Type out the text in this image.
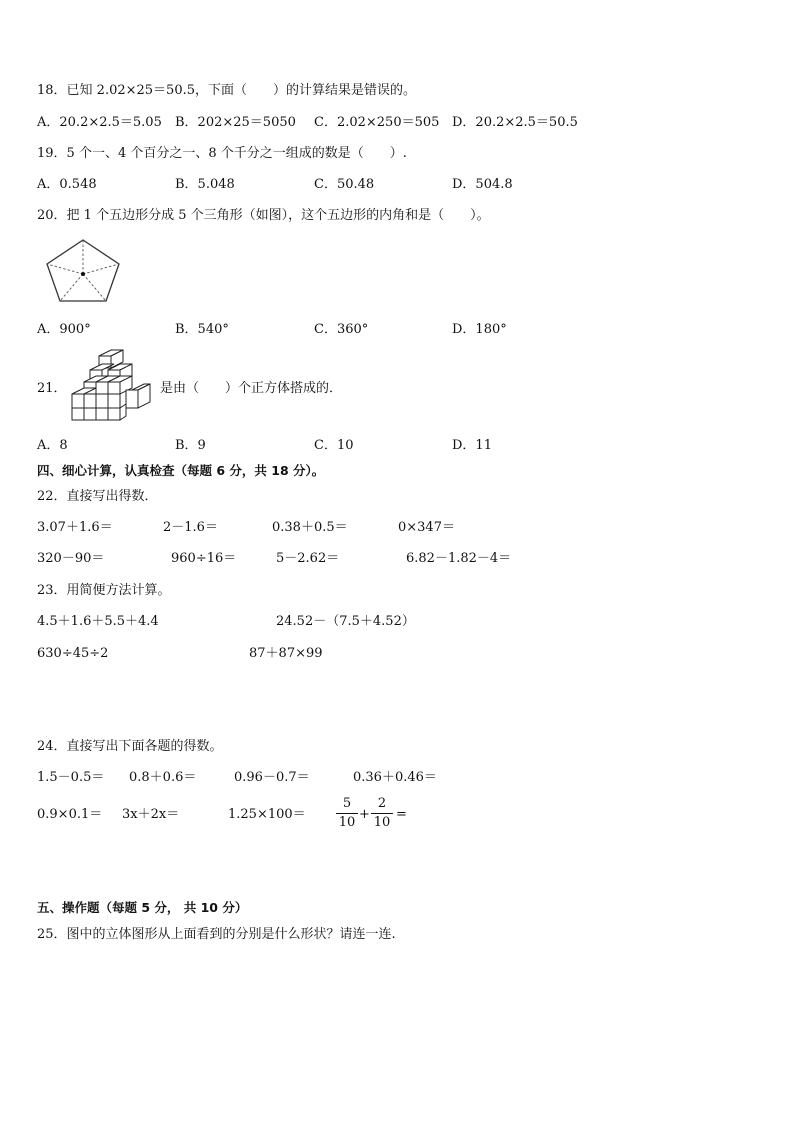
18．已知 2.02×25＝50.5，下面（　　）的计算结果是错误的。
A．20.2×2.5＝5.05 B．202×25＝5050 C．2.02×250＝505 D．20.2×2.5＝50.5
19．5 个一、4 个百分之一、8 个千分之一组成的数是（　　）.
A．0.548	B．5.048	C．50.48	D．504.8
20．把 1 个五边形分成 5 个三角形（如图），这个五边形的内角和是（　　）。
A．900°	B．540°	C．360°	D．180°
21．	是由（　　）个正方体搭成的．
A．8	B．9	C．10	D．11
四、细心计算，认真检查（每题 6 分，共 18 分）。
22．直接写出得数．
3.07＋1.6＝	2－1.6＝	0.38＋0.5＝	0×347＝
320－90＝	960÷16＝	5－2.62＝	6.82－1.82－4＝
23．用简便方法计算。
4.5＋1.6＋5.5＋4.4	24.52－（7.5＋4.52）
630÷45÷2	87＋87×99
24．直接写出下面各题的得数。
1.5－0.5＝ 0.8＋0.6＝	0.96－0.7＝	0.36＋0.46＝
0.9×0.1＝ 3x＋2x＝	1.25×100＝
5
10
+
2
10
=
五、操作题（每题 5 分， 共 10 分）
25．图中的立体图形从上面看到的分别是什么形状？请连一连.
